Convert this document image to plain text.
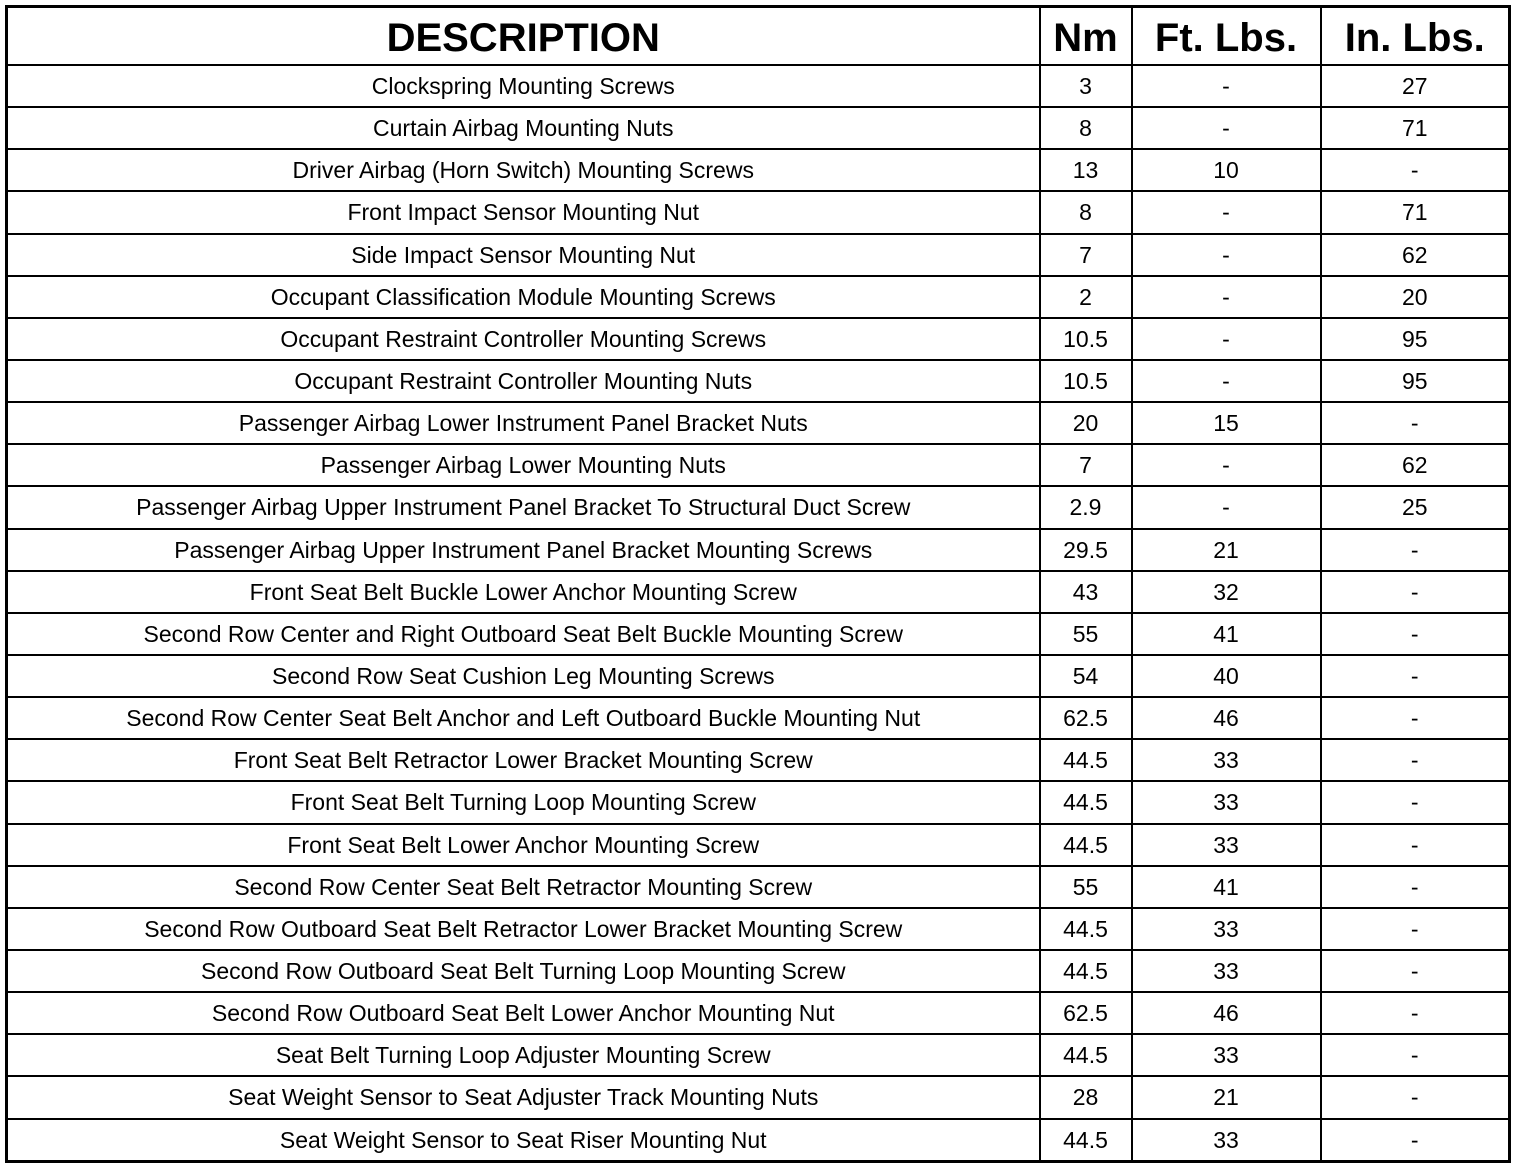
DESCRIPTION	Nm	Ft. Lbs.	In. Lbs.
Clockspring Mounting Screws	3	-	27
Curtain Airbag Mounting Nuts	8	-	71
Driver Airbag (Horn Switch) Mounting Screws	13	10	-
Front Impact Sensor Mounting Nut	8	-	71
Side Impact Sensor Mounting Nut	7	-	62
Occupant Classification Module Mounting Screws	2	-	20
Occupant Restraint Controller Mounting Screws	10.5	-	95
Occupant Restraint Controller Mounting Nuts	10.5	-	95
Passenger Airbag Lower Instrument Panel Bracket Nuts	20	15	-
Passenger Airbag Lower Mounting Nuts	7	-	62
Passenger Airbag Upper Instrument Panel Bracket To Structural Duct Screw	2.9	-	25
Passenger Airbag Upper Instrument Panel Bracket Mounting Screws	29.5	21	-
Front Seat Belt Buckle Lower Anchor Mounting Screw	43	32	-
Second Row Center and Right Outboard Seat Belt Buckle Mounting Screw	55	41	-
Second Row Seat Cushion Leg Mounting Screws	54	40	-
Second Row Center Seat Belt Anchor and Left Outboard Buckle Mounting Nut	62.5	46	-
Front Seat Belt Retractor Lower Bracket Mounting Screw	44.5	33	-
Front Seat Belt Turning Loop Mounting Screw	44.5	33	-
Front Seat Belt Lower Anchor Mounting Screw	44.5	33	-
Second Row Center Seat Belt Retractor Mounting Screw	55	41	-
Second Row Outboard Seat Belt Retractor Lower Bracket Mounting Screw	44.5	33	-
Second Row Outboard Seat Belt Turning Loop Mounting Screw	44.5	33	-
Second Row Outboard Seat Belt Lower Anchor Mounting Nut	62.5	46	-
Seat Belt Turning Loop Adjuster Mounting Screw	44.5	33	-
Seat Weight Sensor to Seat Adjuster Track Mounting Nuts	28	21	-
Seat Weight Sensor to Seat Riser Mounting Nut	44.5	33	-
